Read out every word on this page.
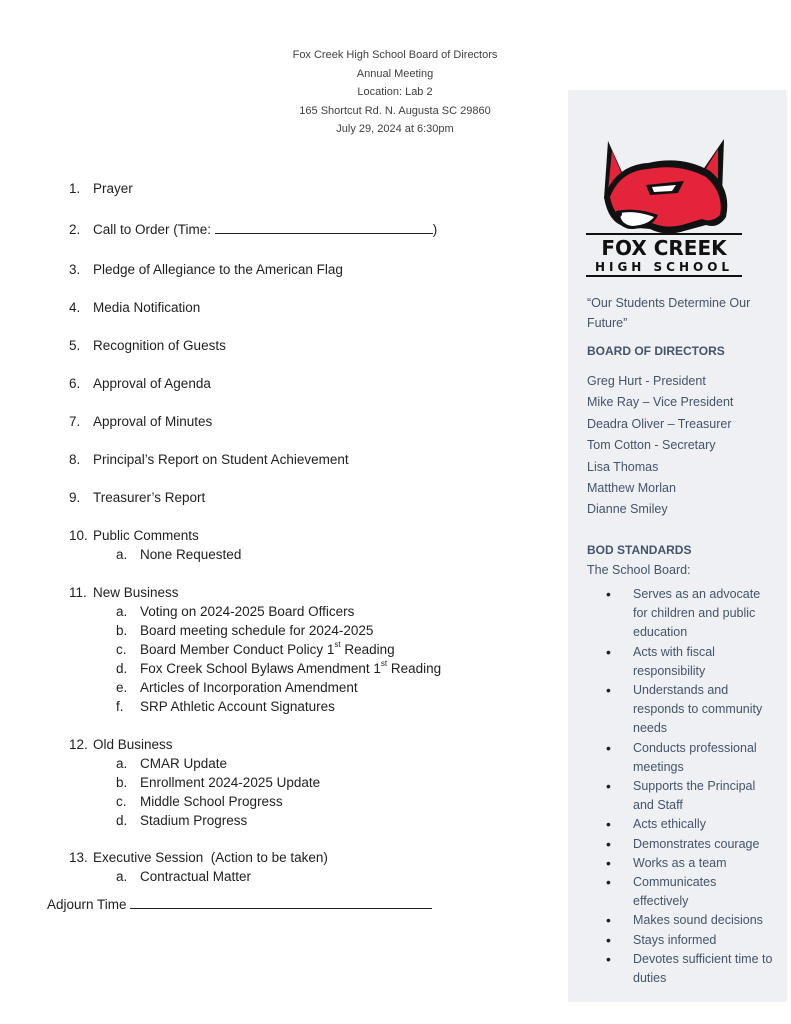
Fox Creek High School Board of Directors
Annual Meeting
Location: Lab 2
165 Shortcut Rd. N. Augusta SC 29860
July 29, 2024 at 6:30pm
1. Prayer
2. Call to Order (Time:	)
3. Pledge of Allegiance to the American Flag
4. Media Notification
5. Recognition of Guests
6. Approval of Agenda
7. Approval of Minutes
8. Principal’s Report on Student Achievement
9. Treasurer’s Report
10. Public Comments
a. None Requested
11. New Business
a. Voting on 2024-2025 Board Officers
b. Board meeting schedule for 2024-2025
c. Board Member Conduct Policy 1st Reading
d. Fox Creek School Bylaws Amendment 1st Reading
e. Articles of Incorporation Amendment
f. SRP Athletic Account Signatures
12. Old Business
a. CMAR Update
b. Enrollment 2024-2025 Update
c. Middle School Progress
d. Stadium Progress
13. Executive Session  (Action to be taken)
a. Contractual Matter
Adjourn Time
FOX CREEK
HIGH SCHOOL
“Our Students Determine Our Future”
BOARD OF DIRECTORS
Greg Hurt - President
Mike Ray – Vice President
Deadra Oliver – Treasurer
Tom Cotton - Secretary
Lisa Thomas
Matthew Morlan
Dianne Smiley
BOD STANDARDS
The School Board:
• Serves as an advocate for children and public education
• Acts with fiscal responsibility
• Understands and responds to community needs
• Conducts professional meetings
• Supports the Principal and Staff
• Acts ethically
• Demonstrates courage
• Works as a team
• Communicates effectively
• Makes sound decisions
• Stays informed
• Devotes sufficient time to duties
